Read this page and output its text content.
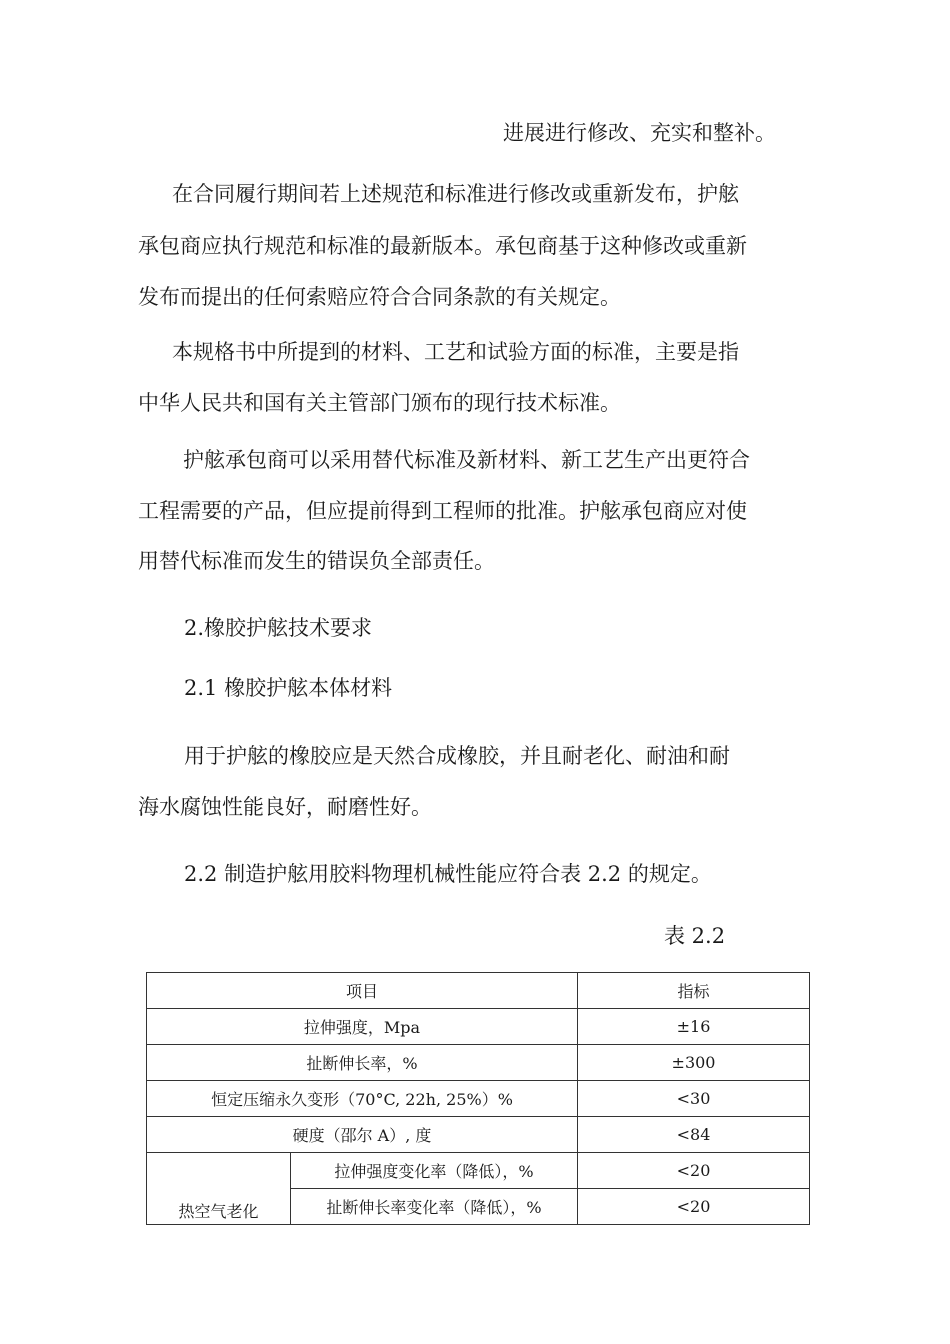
进展进行修改、充实和整补。
在合同履行期间若上述规范和标准进行修改或重新发布，护舷
承包商应执行规范和标准的最新版本。承包商基于这种修改或重新
发布而提出的任何索赔应符合合同条款的有关规定。
本规格书中所提到的材料、工艺和试验方面的标准，主要是指
中华人民共和国有关主管部门颁布的现行技术标准。
护舷承包商可以采用替代标准及新材料、新工艺生产出更符合
工程需要的产品，但应提前得到工程师的批准。护舷承包商应对使
用替代标准而发生的错误负全部责任。
2.橡胶护舷技术要求
2.1 橡胶护舷本体材料
用于护舷的橡胶应是天然合成橡胶，并且耐老化、耐油和耐
海水腐蚀性能良好，耐磨性好。
2.2 制造护舷用胶料物理机械性能应符合表 2.2 的规定。
表 2.2
项目		指标
拉伸强度，Mpa		±16
扯断伸长率，%		±300
恒定压缩永久变形（70°C, 22h, 25%）%		<30
硬度（邵尔 A）, 度		<84
热空气老化	拉伸强度变化率（降低），%	<20
	扯断伸长率变化率（降低），%	<20
